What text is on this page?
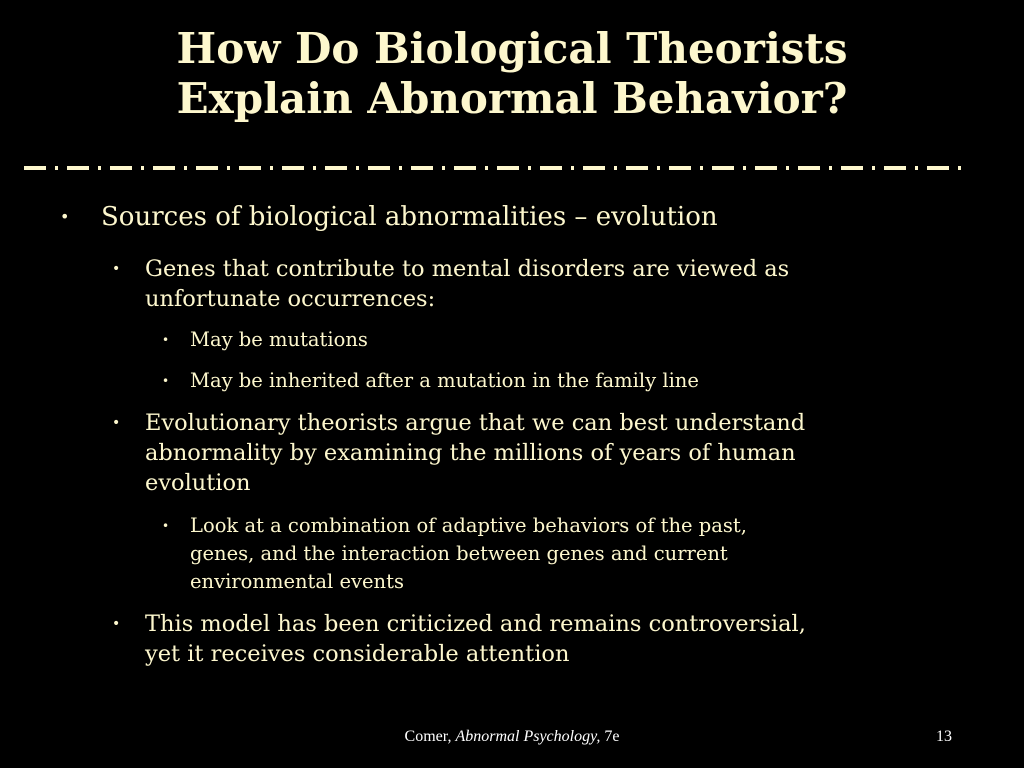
How Do Biological Theorists
Explain Abnormal Behavior?
• Sources of biological abnormalities – evolution
• Genes that contribute to mental disorders are viewed as
unfortunate occurrences:
• May be mutations
• May be inherited after a mutation in the family line
• Evolutionary theorists argue that we can best understand
abnormality by examining the millions of years of human
evolution
• Look at a combination of adaptive behaviors of the past,
genes, and the interaction between genes and current
environmental events
• This model has been criticized and remains controversial,
yet it receives considerable attention
Comer, Abnormal Psychology, 7e	13
